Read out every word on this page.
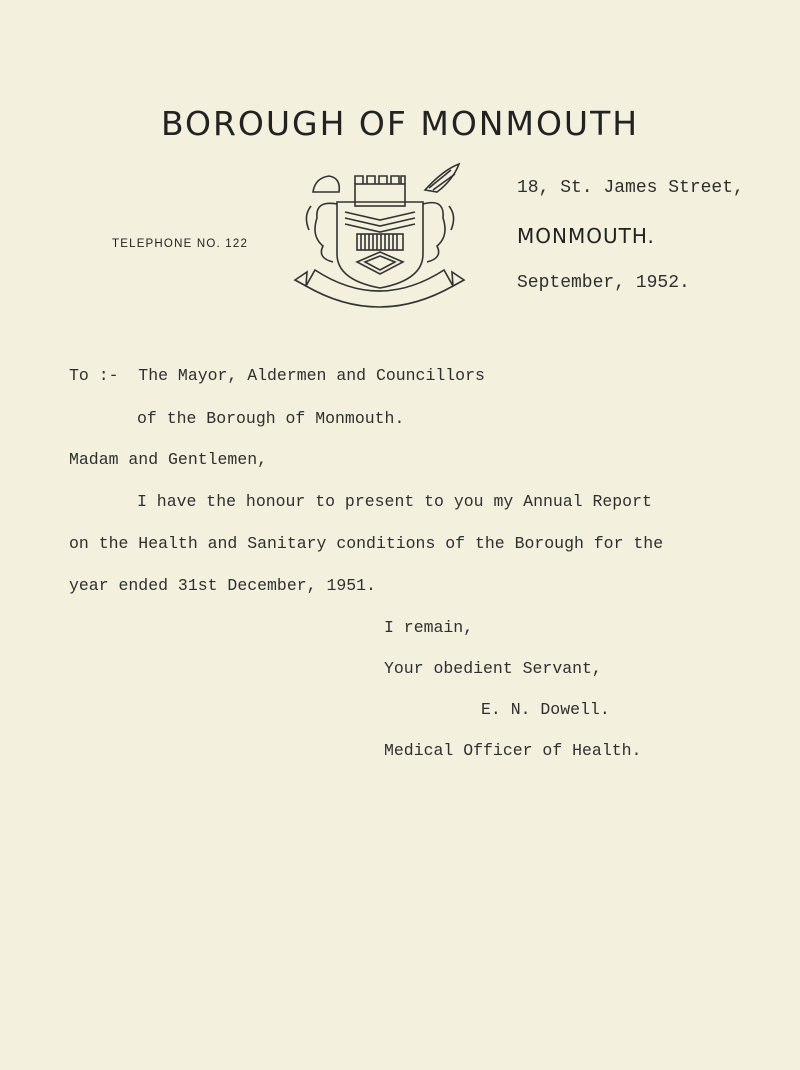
BOROUGH OF MONMOUTH
TELEPHONE NO. 122
18, St. James Street,
MONMOUTH.
September, 1952.
To :-  The Mayor, Aldermen and Councillors
of the Borough of Monmouth.
Madam and Gentlemen,
I have the honour to present to you my Annual Report
on the Health and Sanitary conditions of the Borough for the
year ended 31st December, 1951.
I remain,
Your obedient Servant,
E. N. Dowell.
Medical Officer of Health.
